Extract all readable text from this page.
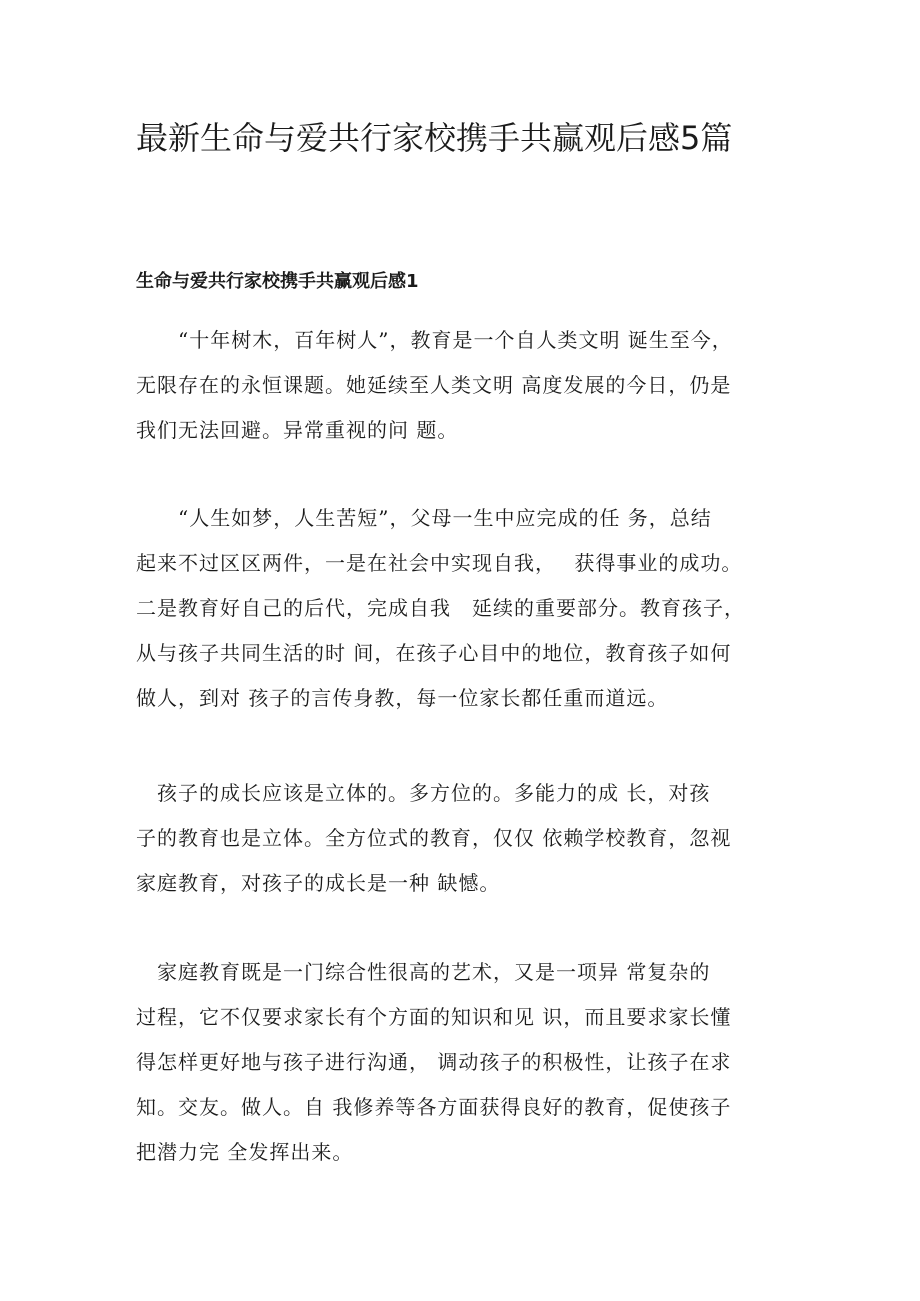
最新生命与爱共行家校携手共赢观后感5篇
生命与爱共行家校携手共赢观后感1
　　“十年树木，百年树人”，教育是一个自人类文明 诞生至今，
无限存在的永恒课题。她延续至人类文明 高度发展的今日，仍是
我们无法回避。异常重视的问 题。
　　“人生如梦，人生苦短”，父母一生中应完成的任 务，总结
起来不过区区两件，一是在社会中实现自我，　 获得事业的成功。
二是教育好自己的后代，完成自我　延续的重要部分。教育孩子，
从与孩子共同生活的时 间，在孩子心目中的地位，教育孩子如何
做人，到对 孩子的言传身教，每一位家长都任重而道远。
　孩子的成长应该是立体的。多方位的。多能力的成 长，对孩
子的教育也是立体。全方位式的教育，仅仅 依赖学校教育，忽视
家庭教育，对孩子的成长是一种 缺憾。
　家庭教育既是一门综合性很高的艺术，又是一项异 常复杂的
过程，它不仅要求家长有个方面的知识和见 识，而且要求家长懂
得怎样更好地与孩子进行沟通， 调动孩子的积极性，让孩子在求
知。交友。做人。自 我修养等各方面获得良好的教育，促使孩子
把潜力完 全发挥出来。
